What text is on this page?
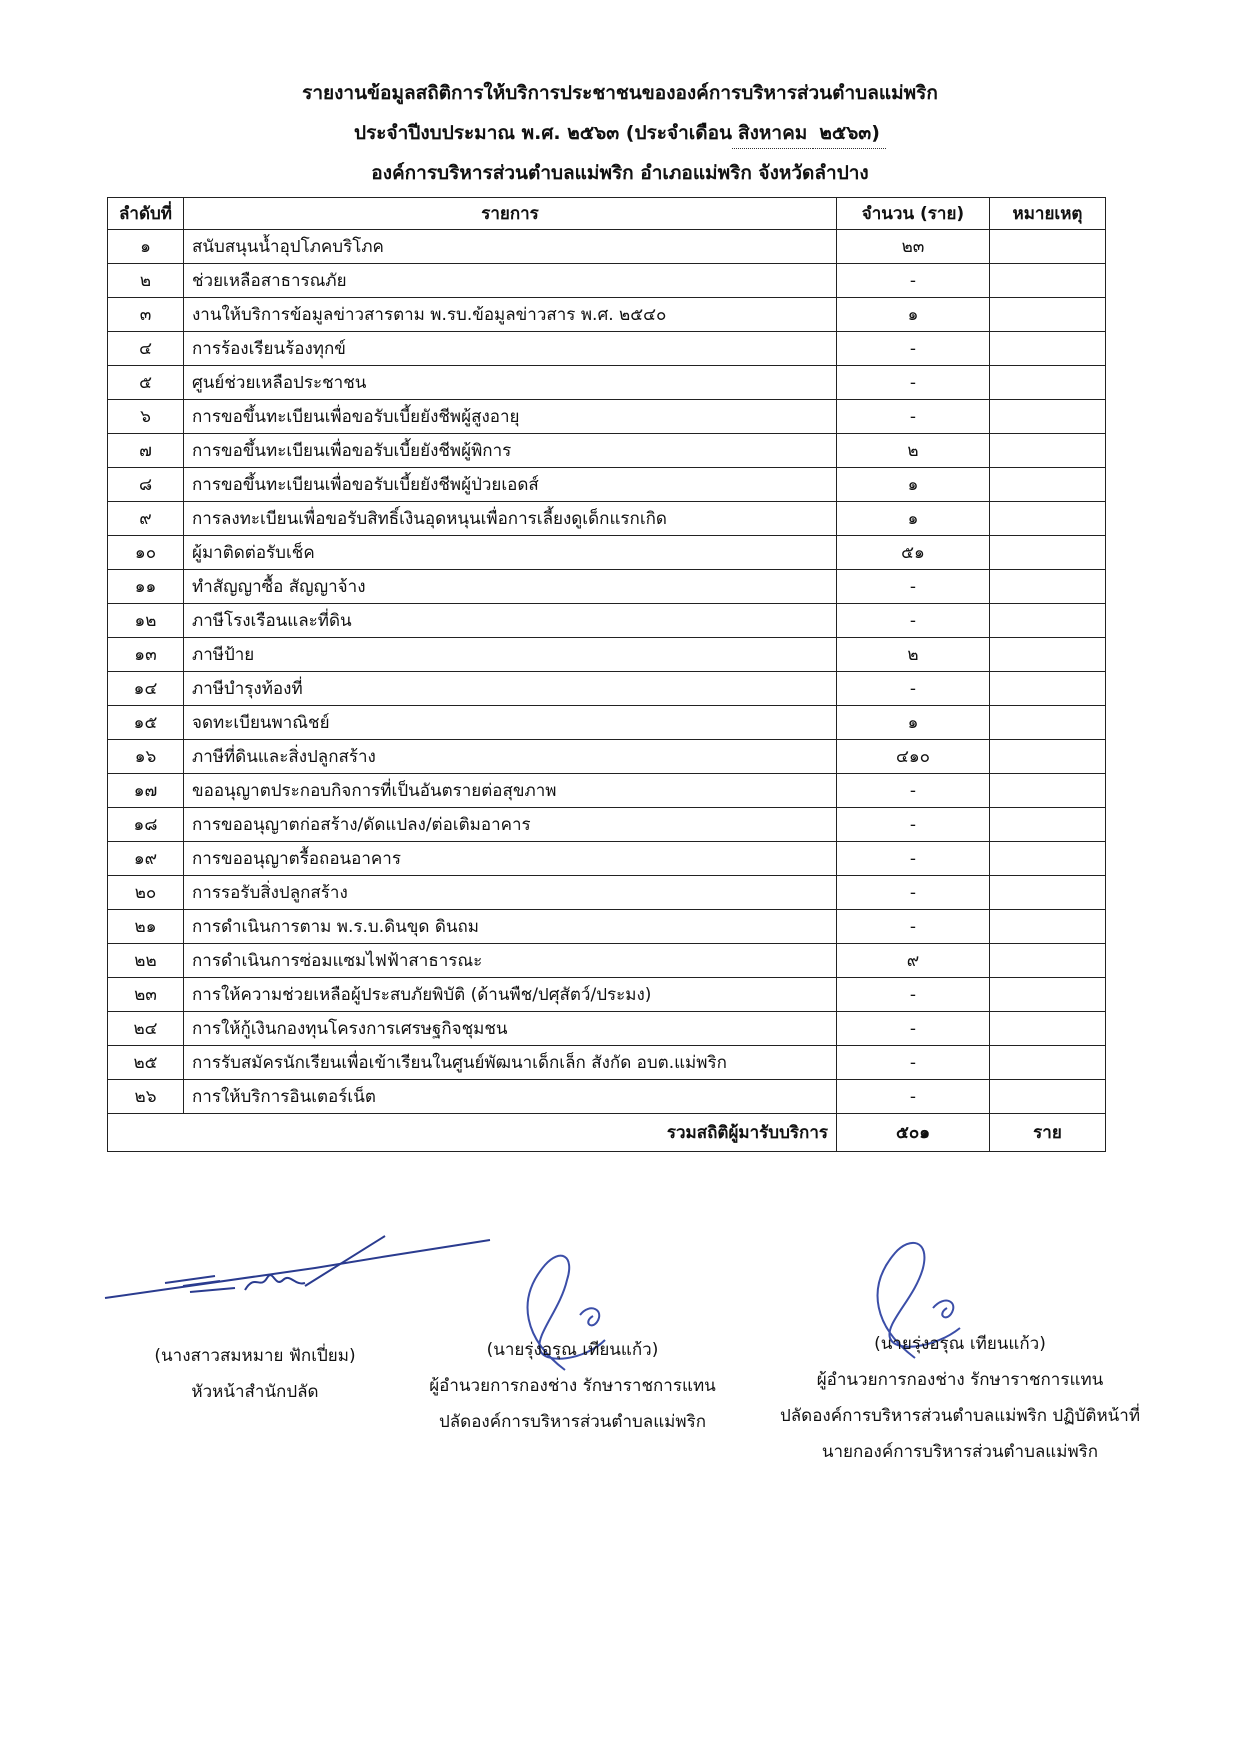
รายงานข้อมูลสถิติการให้บริการประชาชนขององค์การบริหารส่วนตำบลแม่พริก
ประจำปีงบประมาณ พ.ศ. ๒๕๖๓ (ประจำเดือน สิงหาคม ๒๕๖๓)
องค์การบริหารส่วนตำบลแม่พริก อำเภอแม่พริก จังหวัดลำปาง
ลำดับที่	รายการ	จำนวน (ราย)	หมายเหตุ
๑	สนับสนุนน้ำอุปโภคบริโภค	๒๓	
๒	ช่วยเหลือสาธารณภัย	-	
๓	งานให้บริการข้อมูลข่าวสารตาม พ.รบ.ข้อมูลข่าวสาร พ.ศ. ๒๕๔๐	๑	
๔	การร้องเรียนร้องทุกข์	-	
๕	ศูนย์ช่วยเหลือประชาชน	-	
๖	การขอขึ้นทะเบียนเพื่อขอรับเบี้ยยังชีพผู้สูงอายุ	-	
๗	การขอขึ้นทะเบียนเพื่อขอรับเบี้ยยังชีพผู้พิการ	๒	
๘	การขอขึ้นทะเบียนเพื่อขอรับเบี้ยยังชีพผู้ป่วยเอดส์	๑	
๙	การลงทะเบียนเพื่อขอรับสิทธิ์เงินอุดหนุนเพื่อการเลี้ยงดูเด็กแรกเกิด	๑	
๑๐	ผู้มาติดต่อรับเช็ค	๕๑	
๑๑	ทำสัญญาซื้อ สัญญาจ้าง	-	
๑๒	ภาษีโรงเรือนและที่ดิน	-	
๑๓	ภาษีป้าย	๒	
๑๔	ภาษีบำรุงท้องที่	-	
๑๕	จดทะเบียนพาณิชย์	๑	
๑๖	ภาษีที่ดินและสิ่งปลูกสร้าง	๔๑๐	
๑๗	ขออนุญาตประกอบกิจการที่เป็นอันตรายต่อสุขภาพ	-	
๑๘	การขออนุญาตก่อสร้าง/ดัดแปลง/ต่อเติมอาคาร	-	
๑๙	การขออนุญาตรื้อถอนอาคาร	-	
๒๐	การรอรับสิ่งปลูกสร้าง	-	
๒๑	การดำเนินการตาม พ.ร.บ.ดินขุด ดินถม	-	
๒๒	การดำเนินการซ่อมแซมไฟฟ้าสาธารณะ	๙	
๒๓	การให้ความช่วยเหลือผู้ประสบภัยพิบัติ (ด้านพืช/ปศุสัตว์/ประมง)	-	
๒๔	การให้กู้เงินกองทุนโครงการเศรษฐกิจชุมชน	-	
๒๕	การรับสมัครนักเรียนเพื่อเข้าเรียนในศูนย์พัฒนาเด็กเล็ก สังกัด อบต.แม่พริก	-	
๒๖	การให้บริการอินเตอร์เน็ต	-	
รวมสถิติผู้มารับบริการ		๕๐๑	ราย
(นางสาวสมหมาย ฟักเปี่ยม)
หัวหน้าสำนักปลัด
(นายรุ่งอรุณ เทียนแก้ว)
ผู้อำนวยการกองช่าง รักษาราชการแทน
ปลัดองค์การบริหารส่วนตำบลแม่พริก
(นายรุ่งอรุณ เทียนแก้ว)
ผู้อำนวยการกองช่าง รักษาราชการแทน
ปลัดองค์การบริหารส่วนตำบลแม่พริก ปฏิบัติหน้าที่
นายกองค์การบริหารส่วนตำบลแม่พริก
